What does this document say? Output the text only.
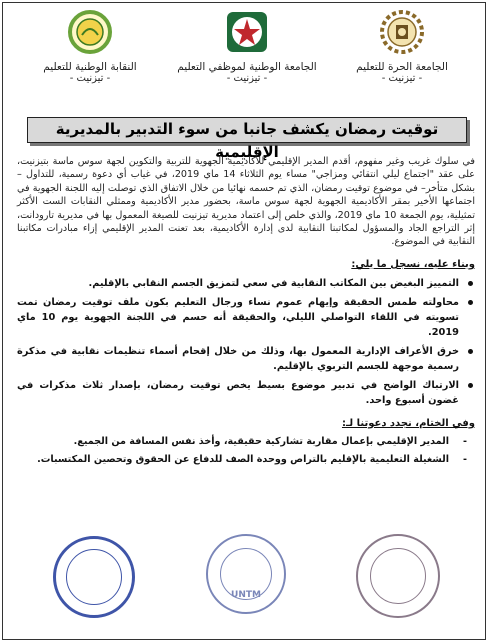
الجامعة الحرة للتعليم
- تيزنيت -
الجامعة الوطنية لموظفي التعليم
- تيزنيت -
النقابة الوطنية للتعليم
- تيزنيت -
توقيت رمضان يكشف جانبا من سوء التدبير بالمديرية الإقليمية

في سلوك غريب وغير مفهوم، أقدم المدير الإقليمي للأكاديمية الجهوية للتربية والتكوين لجهة سوس ماسة بتيزنيت، على عقد "اجتماع ليلي انتقائي ومزاجي" مساء يوم الثلاثاء 14 ماي 2019، في غياب أي دعوة رسمية، للتداول – بشكل متأخر– في موضوع توقيت رمضان، الذي تم حسمه نهائيا من خلال الاتفاق الذي توصلت إليه اللجنة الجهوية في اجتماعها الأخير بمقر الأكاديمية الجهوية لجهة سوس ماسة، بحضور مدير الأكاديمية وممثلي النقابات الست الأكثر تمثيلية، يوم الجمعة 10 ماي 2019، والذي خلص إلى اعتماد مديرية تيزنيت للصيغة المعمول بها في مديرية تارودانت، إثر التراجع الجاد والمسؤول لمكاتبنا النقابية لدى إدارة الأكاديمية، بعد تعنت المدير الإقليمي إزاء مبادرات مكاتبنا النقابية في الموضوع.

وبناء عليه، نسجل ما يلي:
التمييز البغيض بين المكاتب النقابية في سعي لتمزيق الجسم النقابي بالإقليم.
محاولته طمس الحقيقة وإيهام عموم نساء ورجال التعليم بكون ملف توقيت رمضان تمت تسويته في اللقاء التواصلي الليلي، والحقيقة أنه حسم في اللجنة الجهوية يوم 10 ماي 2019.
خرق الأعراف الإدارية المعمول بها، وذلك من خلال إقحام أسماء تنظيمات نقابية في مذكرة رسمية موجهة للجسم التربوي بالإقليم.
الارتباك الواضح في تدبير موضوع بسيط يخص توقيت رمضان، بإصدار ثلاث مذكرات في غضون أسبوع واحد.
وفي الختام، نجدد دعوتنا لـ:
-
المدير الإقليمي بإعمال مقاربة تشاركية حقيقية، وأخذ نفس المسافة من الجميع.
-
الشغيلة التعليمية بالإقليم بالتراص ووحدة الصف للدفاع عن الحقوق وتحصين المكتسبات.
UNTM
